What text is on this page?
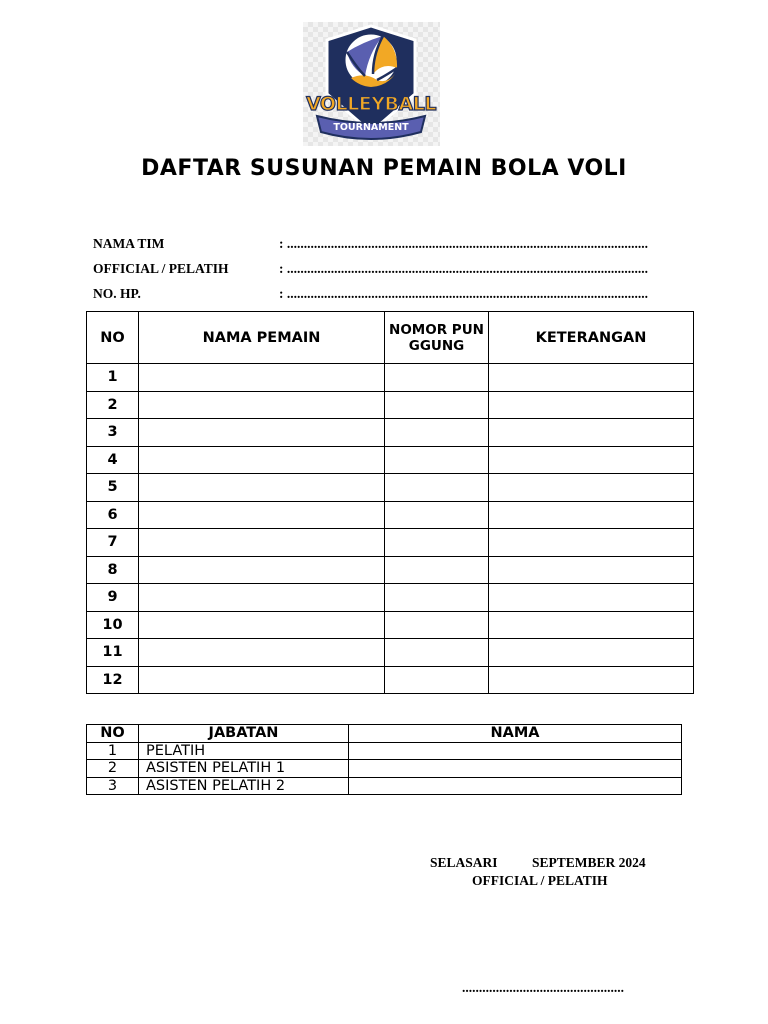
VOLLEYBALL
TOURNAMENT
DAFTAR SUSUNAN PEMAIN BOLA VOLI
NAMA TIM	: ...........................................................................................................
OFFICIAL / PELATIH	: ...........................................................................................................
NO. HP.	: ...........................................................................................................
NO	NAMA PEMAIN	NOMOR PUNGGUNG	KETERANGAN
1			
2			
3			
4			
5			
6			
7			
8			
9			
10			
11			
12			
NO	JABATAN	NAMA
1	PELATIH	
2	ASISTEN PELATIH 1	
3	ASISTEN PELATIH 2	
SELASARI	SEPTEMBER 2024
OFFICIAL / PELATIH
................................................
